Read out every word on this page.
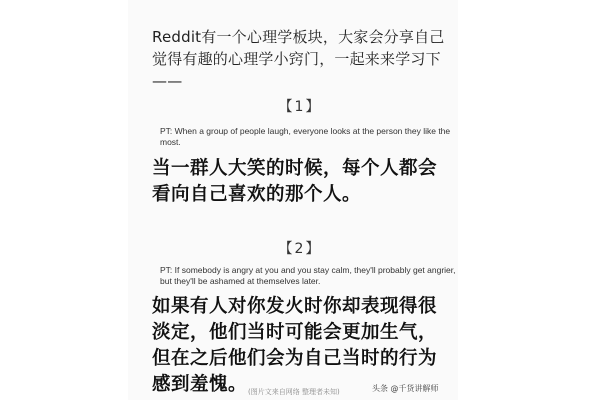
Reddit有一个心理学板块，大家会分享自己觉得有趣的心理学小窍门，一起来来学习下——
【1】
PT: When a group of people laugh, everyone looks at the person they like the most.
当一群人大笑的时候，每个人都会看向自己喜欢的那个人。
【2】
PT: If somebody is angry at you and you stay calm, they'll probably get angrier, but they'll be ashamed at themselves later.
如果有人对你发火时你却表现得很淡定，他们当时可能会更加生气，但在之后他们会为自己当时的行为感到羞愧。 (图片文来自网络 整理者未知)	头条 @千货讲解师
